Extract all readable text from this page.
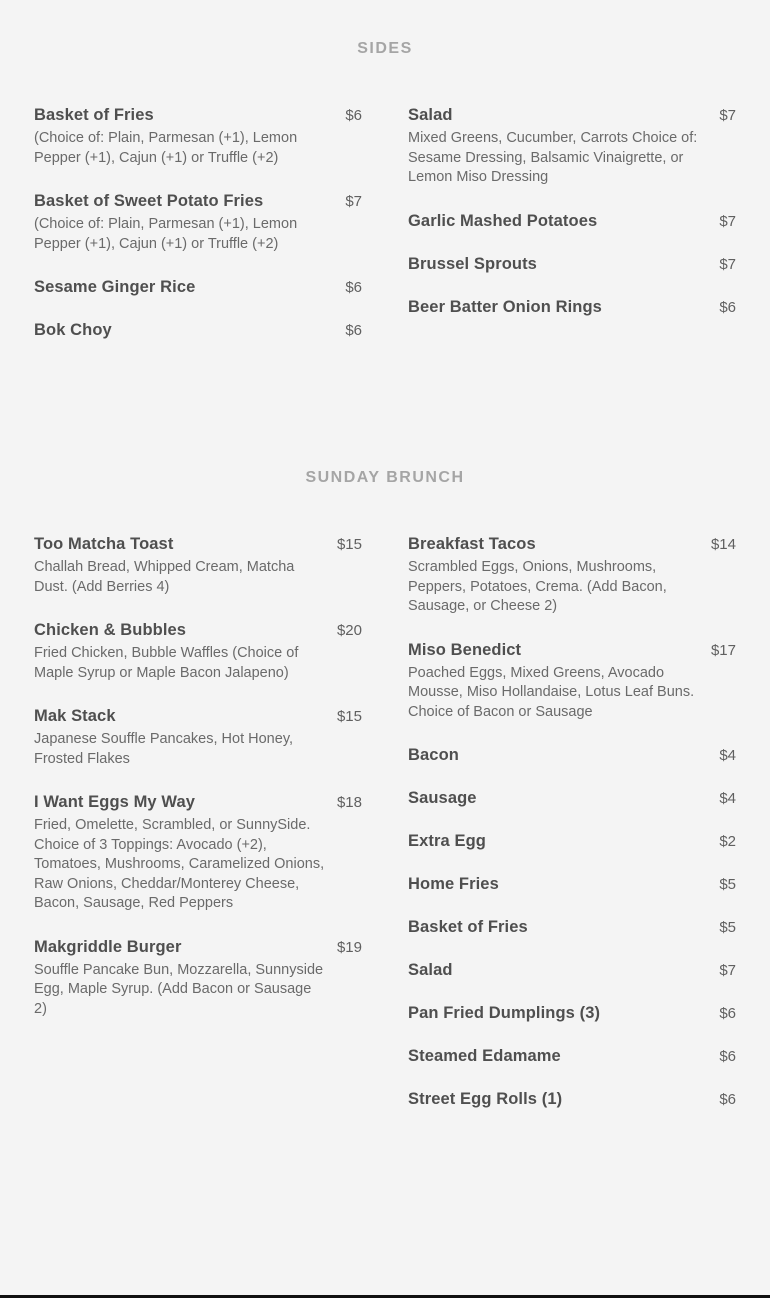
SIDES
Basket of Fries	$6
(Choice of: Plain, Parmesan (+1), Lemon Pepper (+1), Cajun (+1) or Truffle (+2)
Basket of Sweet Potato Fries	$7
(Choice of: Plain, Parmesan (+1), Lemon Pepper (+1), Cajun (+1) or Truffle (+2)
Sesame Ginger Rice	$6
Bok Choy	$6
Salad	$7
Mixed Greens, Cucumber, Carrots Choice of: Sesame Dressing, Balsamic Vinaigrette, or Lemon Miso Dressing
Garlic Mashed Potatoes	$7
Brussel Sprouts	$7
Beer Batter Onion Rings	$6
SUNDAY BRUNCH
Too Matcha Toast	$15
Challah Bread, Whipped Cream, Matcha Dust. (Add Berries 4)
Chicken & Bubbles	$20
Fried Chicken, Bubble Waffles (Choice of Maple Syrup or Maple Bacon Jalapeno)
Mak Stack	$15
Japanese Souffle Pancakes, Hot Honey, Frosted Flakes
I Want Eggs My Way	$18
Fried, Omelette, Scrambled, or SunnySide. Choice of 3 Toppings: Avocado (+2), Tomatoes, Mushrooms, Caramelized Onions, Raw Onions, Cheddar/Monterey Cheese, Bacon, Sausage, Red Peppers
Makgriddle Burger	$19
Souffle Pancake Bun, Mozzarella, Sunnyside Egg, Maple Syrup. (Add Bacon or Sausage 2)
Breakfast Tacos	$14
Scrambled Eggs, Onions, Mushrooms, Peppers, Potatoes, Crema. (Add Bacon, Sausage, or Cheese 2)
Miso Benedict	$17
Poached Eggs, Mixed Greens, Avocado Mousse, Miso Hollandaise, Lotus Leaf Buns. Choice of Bacon or Sausage
Bacon	$4
Sausage	$4
Extra Egg	$2
Home Fries	$5
Basket of Fries	$5
Salad	$7
Pan Fried Dumplings (3)	$6
Steamed Edamame	$6
Street Egg Rolls (1)	$6
